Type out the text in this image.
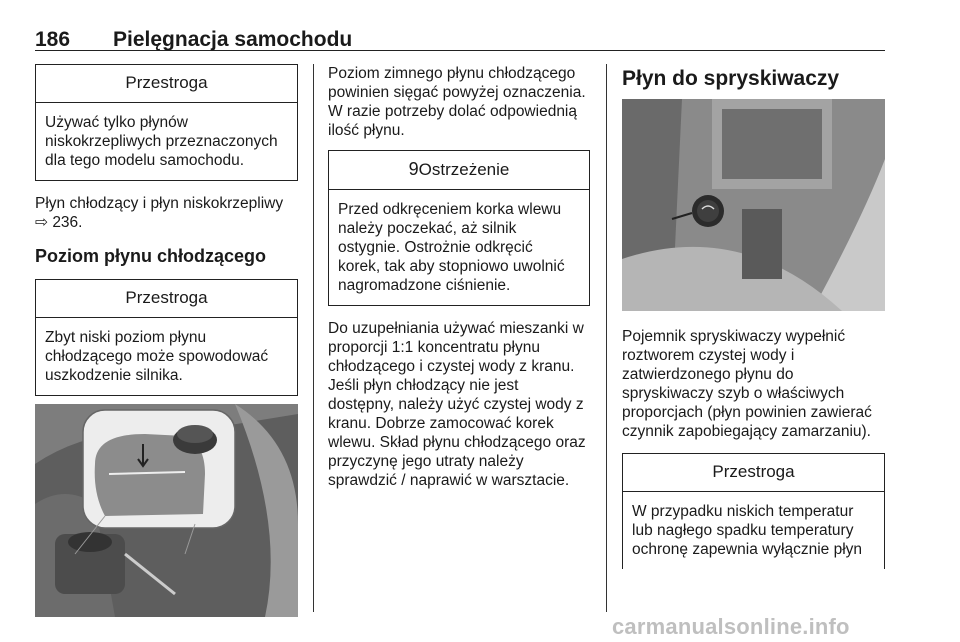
186 Pielęgnacja samochodu
Przestroga
Używać tylko płynów
niskokrzepliwych przeznaczonych
dla tego modelu samochodu.

Płyn chłodzący i płyn niskokrzepliwy

⇨ 236.

Poziom płynu chłodzącego
Przestroga
Zbyt niski poziom płynu
chłodzącego może spowodować
uszkodzenie silnika.

Poziom zimnego płynu chłodzącego

powinien sięgać powyżej oznaczenia.

W razie potrzeby dolać odpowiednią

ilość płynu.

9Ostrzeżenie
Przed odkręceniem korka wlewu
należy poczekać, aż silnik
ostygnie. Ostrożnie odkręcić
korek, tak aby stopniowo uwolnić
nagromadzone ciśnienie.

Do uzupełniania używać mieszanki w

proporcji 1:1 koncentratu płynu

chłodzącego i czystej wody z kranu.

Jeśli płyn chłodzący nie jest

dostępny, należy użyć czystej wody z

kranu. Dobrze zamocować korek

wlewu. Skład płynu chłodzącego oraz

przyczynę jego utraty należy

sprawdzić / naprawić w warsztacie.

Płyn do spryskiwaczy

Pojemnik spryskiwaczy wypełnić

roztworem czystej wody i

zatwierdzonego płynu do

spryskiwaczy szyb o właściwych

proporcjach (płyn powinien zawierać

czynnik zapobiegający zamarzaniu).

Przestroga
W przypadku niskich temperatur
lub nagłego spadku temperatury
ochronę zapewnia wyłącznie płyn
carmanualsonline.info
